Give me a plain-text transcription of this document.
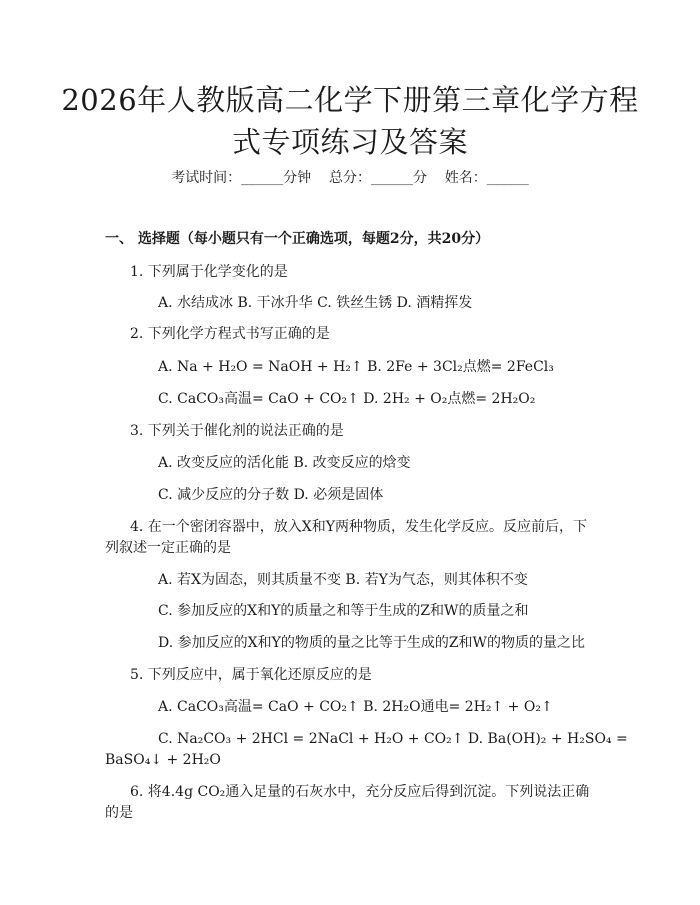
2026年人教版高二化学下册第三章化学方程
式专项练习及答案
考试时间：______分钟    总分：______分    姓名：______
一、 选择题（每小题只有一个正确选项，每题2分，共20分）
1. 下列属于化学变化的是
A. 水结成冰 B. 干冰升华 C. 铁丝生锈 D. 酒精挥发
2. 下列化学方程式书写正确的是
A. Na + H₂O = NaOH + H₂↑ B. 2Fe + 3Cl₂点燃= 2FeCl₃
C. CaCO₃高温= CaO + CO₂↑ D. 2H₂ + O₂点燃= 2H₂O₂
3. 下列关于催化剂的说法正确的是
A. 改变反应的活化能 B. 改变反应的焓变
C. 减少反应的分子数 D. 必须是固体
4. 在一个密闭容器中，放入X和Y两种物质，发生化学反应。反应前后，下
列叙述一定正确的是
A. 若X为固态，则其质量不变 B. 若Y为气态，则其体积不变
C. 参加反应的X和Y的质量之和等于生成的Z和W的质量之和
D. 参加反应的X和Y的物质的量之比等于生成的Z和W的物质的量之比
5. 下列反应中，属于氧化还原反应的是
A. CaCO₃高温= CaO + CO₂↑ B. 2H₂O通电= 2H₂↑ + O₂↑
C. Na₂CO₃ + 2HCl = 2NaCl + H₂O + CO₂↑ D. Ba(OH)₂ + H₂SO₄ =
BaSO₄↓ + 2H₂O
6. 将4.4g CO₂通入足量的石灰水中，充分反应后得到沉淀。下列说法正确
的是
